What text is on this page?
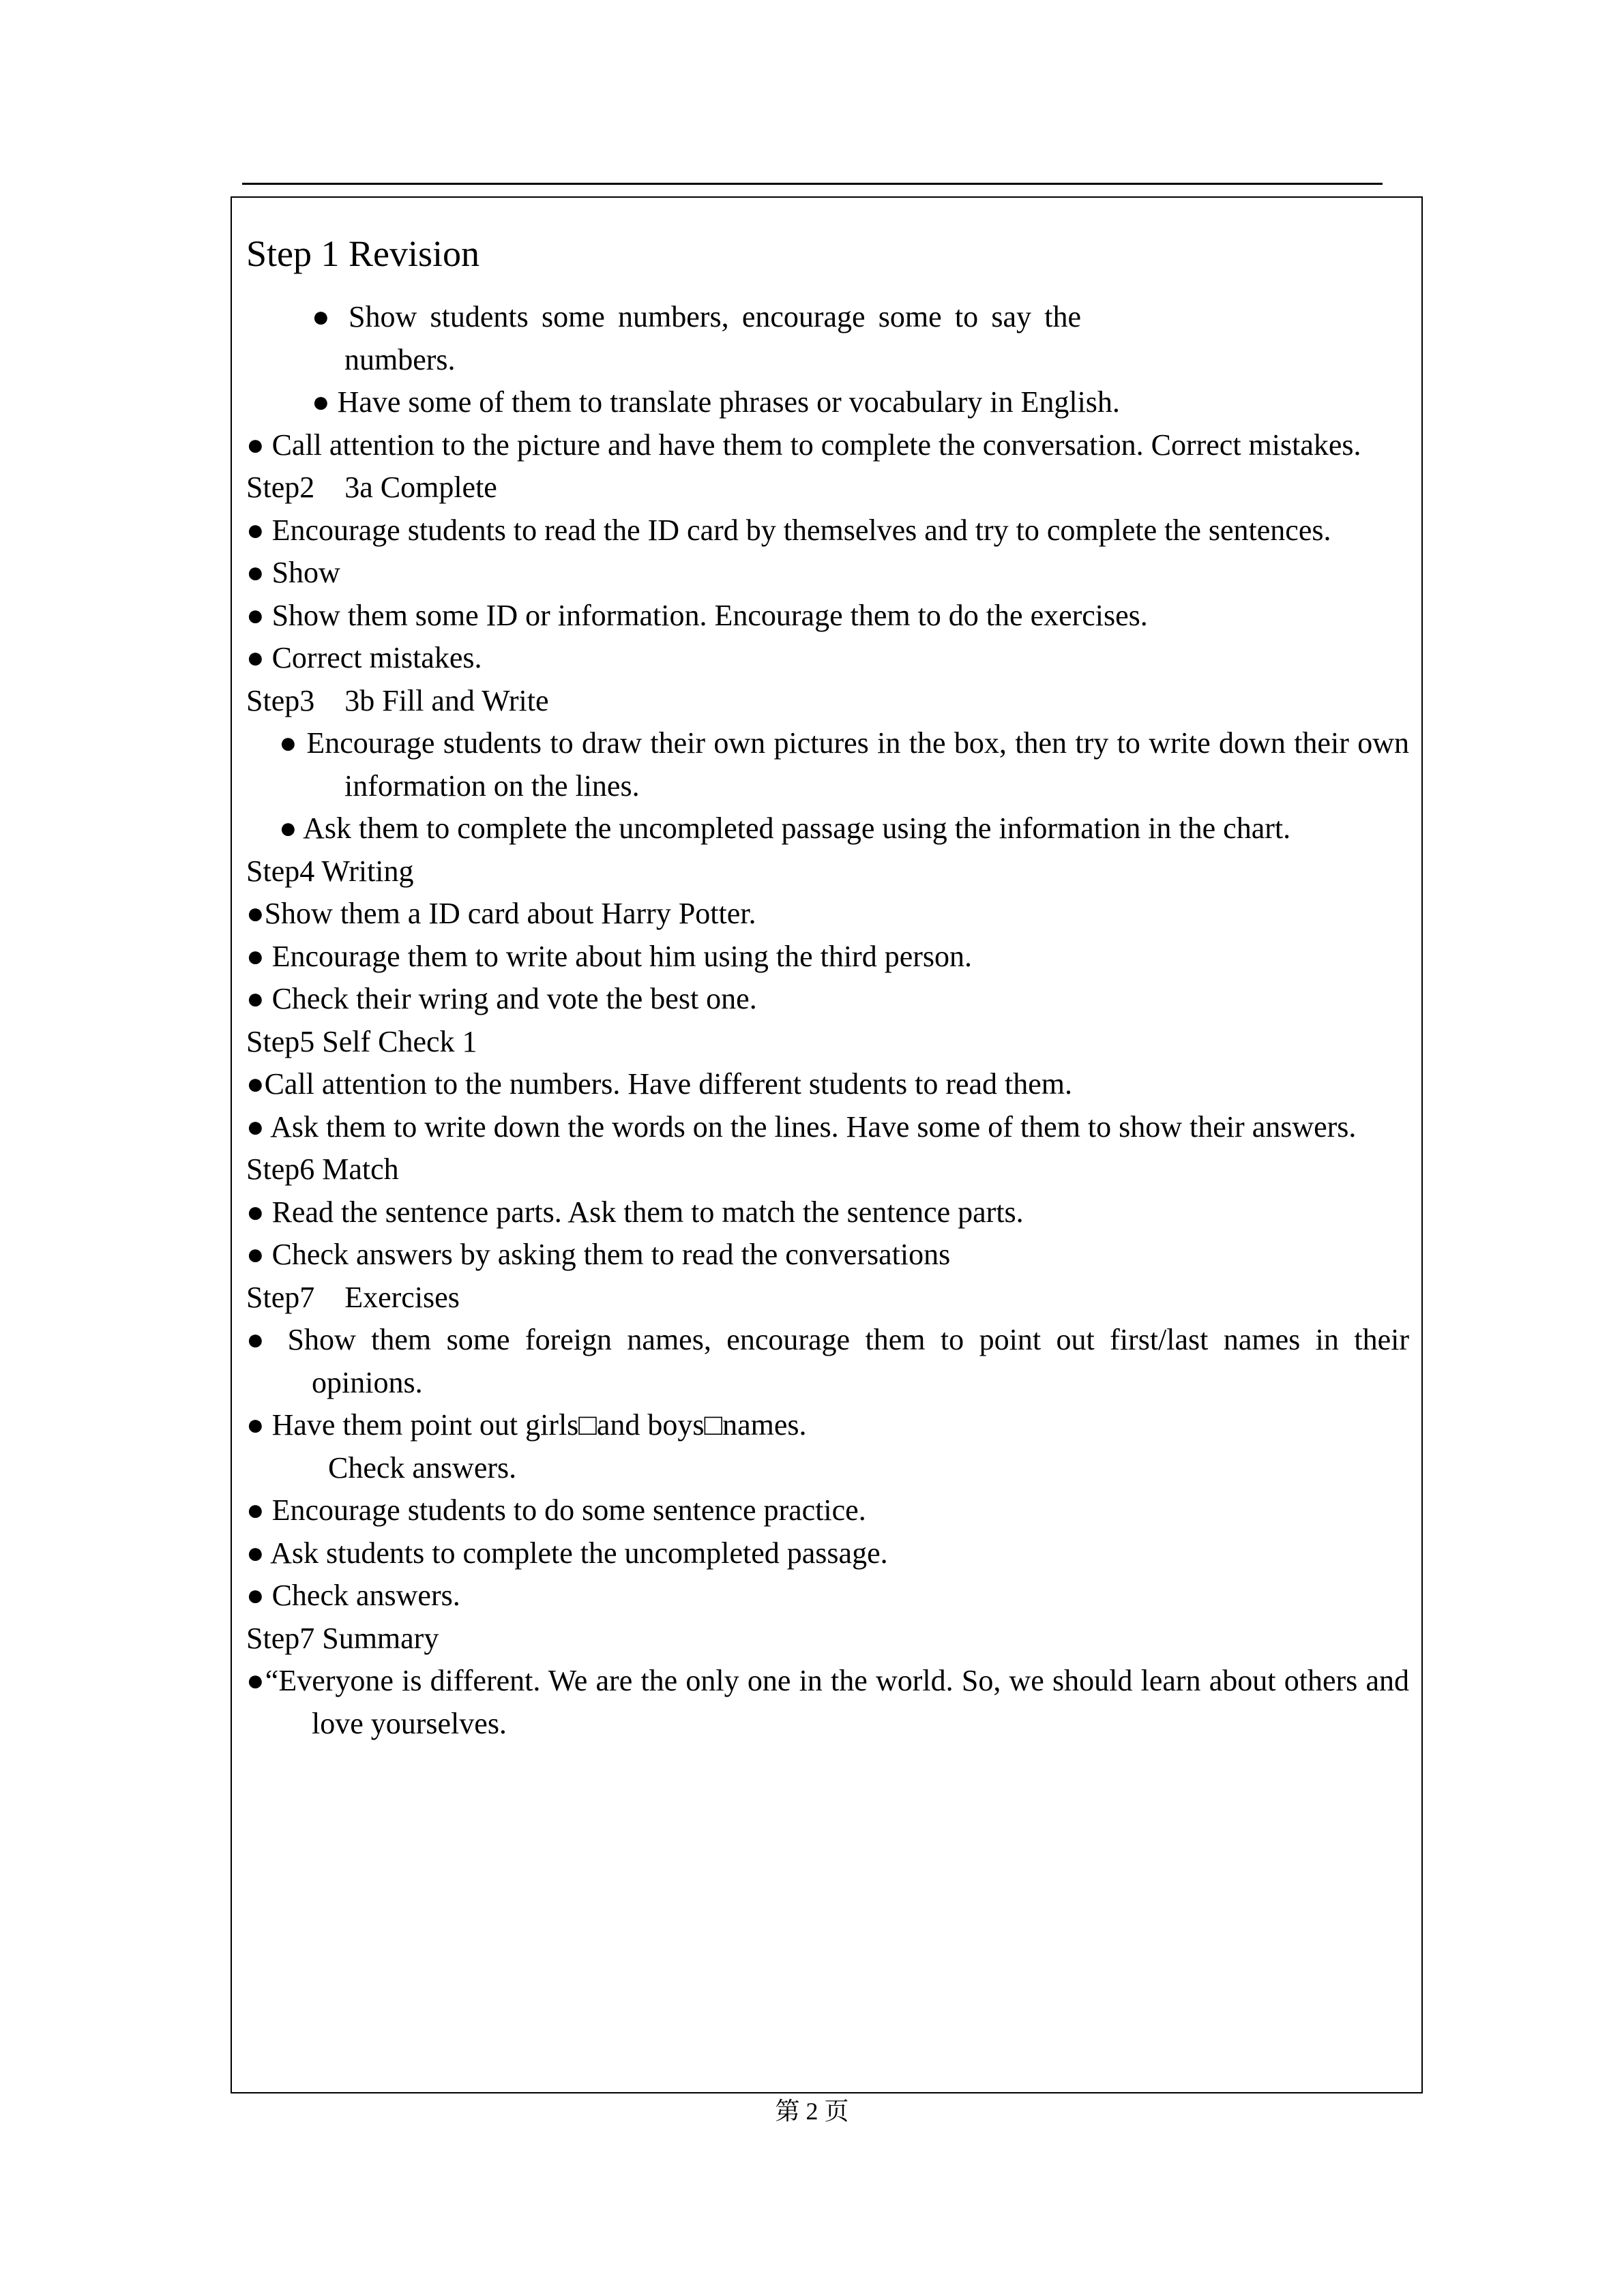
Step 1 Revision
● Show students some numbers, encourage some to say the numbers.
● Have some of them to translate phrases or vocabulary in English.
● Call attention to the picture and have them to complete the conversation. Correct mistakes.
Step2    3a Complete
● Encourage students to read the ID card by themselves and try to complete the sentences.
● Show
● Show them some ID or information. Encourage them to do the exercises.
● Correct mistakes.
Step3    3b Fill and Write
● Encourage students to draw their own pictures in the box, then try to write down their own information on the lines.
● Ask them to complete the uncompleted passage using the information in the chart.
Step4 Writing
●Show them a ID card about Harry Potter.
● Encourage them to write about him using the third person.
● Check their wring and vote the best one.
Step5 Self Check 1
●Call attention to the numbers. Have different students to read them.
● Ask them to write down the words on the lines. Have some of them to show their answers.
Step6 Match
● Read the sentence parts. Ask them to match the sentence parts.
● Check answers by asking them to read the conversations
Step7    Exercises
● Show them some foreign names, encourage them to point out first/last names in their opinions.
● Have them point out girls□and boys□names.
Check answers.
● Encourage students to do some sentence practice.
● Ask students to complete the uncompleted passage.
● Check answers.
Step7 Summary
●“Everyone is different. We are the only one in the world. So, we should learn about others and love yourselves.
第 2 页
